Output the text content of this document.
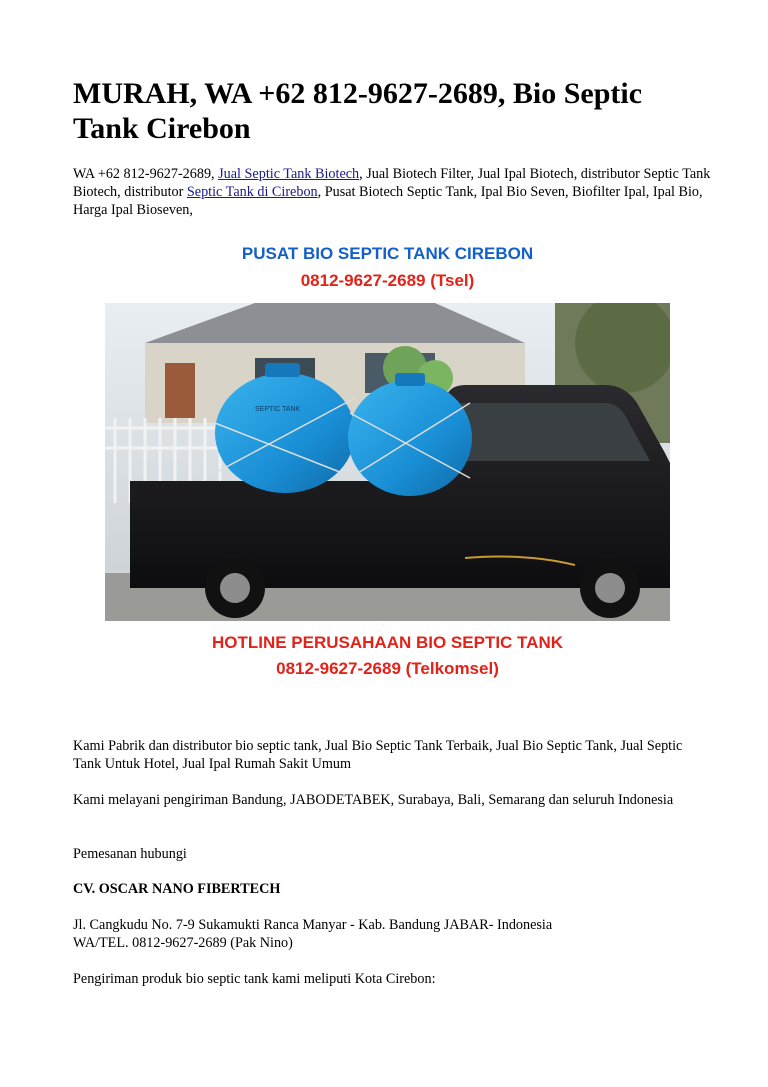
MURAH, WA +62 812-9627-2689, Bio Septic Tank Cirebon

WA +62 812-9627-2689, Jual Septic Tank Biotech, Jual Biotech Filter, Jual Ipal Biotech, distributor Septic Tank Biotech, distributor Septic Tank di Cirebon, Pusat Biotech Septic Tank, Ipal Bio Seven, Biofilter Ipal, Ipal Bio, Harga Ipal Bioseven,

PUSAT BIO SEPTIC TANK CIREBON

0812-9627-2689 (Tsel)

SEPTIC TANK

HOTLINE PERUSAHAAN BIO SEPTIC TANK

0812-9627-2689 (Telkomsel)

Kami Pabrik dan distributor bio septic tank, Jual Bio Septic Tank Terbaik, Jual Bio Septic Tank, Jual Septic Tank Untuk Hotel, Jual Ipal Rumah Sakit Umum

Kami melayani pengiriman Bandung, JABODETABEK, Surabaya, Bali, Semarang dan seluruh Indonesia

Pemesanan hubungi

CV. OSCAR NANO FIBERTECH

Jl. Cangkudu No. 7-9 Sukamukti Ranca Manyar - Kab. Bandung JABAR- Indonesia

WA/TEL. 0812-9627-2689 (Pak Nino)

Pengiriman produk bio septic tank kami meliputi Kota Cirebon:
